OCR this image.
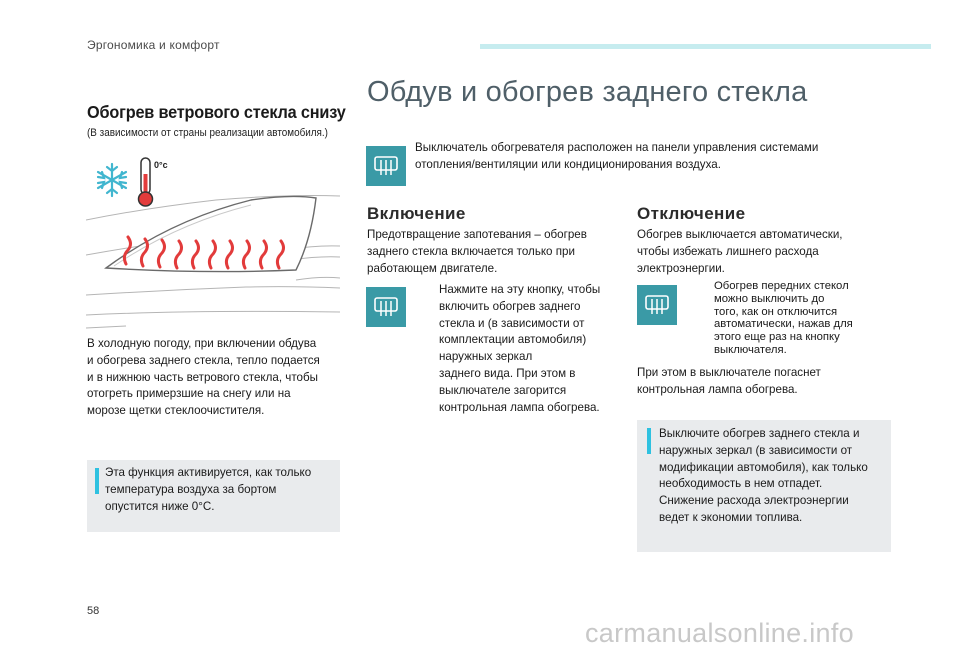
Эргономика и комфорт
Обогрев ветрового стекла снизу
(В зависимости от страны реализации автомобиля.)
0°c
В холодную погоду, при включении обдува
и обогрева заднего стекла, тепло подается
и в нижнюю часть ветрового стекла, чтобы
отогреть примерзшие на снегу или на
морозе щетки стеклоочистителя.
Эта функция активируется, как только
температура воздуха за бортом
опустится ниже 0°C.
Обдув и обогрев заднего стекла
Выключатель обогревателя расположен на панели управления системами
отопления/вентиляции или кондиционирования воздуха.
Включение
Предотвращение запотевания – обогрев
заднего стекла включается только при
работающем двигателе.
Нажмите на эту кнопку, чтобы
включить обогрев заднего
стекла и (в зависимости от
комплектации автомобиля)
наружных зеркал
заднего вида. При этом в
выключателе загорится
контрольная лампа обогрева.
Отключение
Обогрев выключается автоматически,
чтобы избежать лишнего расхода
электроэнергии.
Обогрев передних стекол
можно выключить до
того, как он отключится
автоматически, нажав для
этого еще раз на кнопку
выключателя.
При этом в выключателе погаснет
контрольная лампа обогрева.
Выключите обогрев заднего стекла и
наружных зеркал (в зависимости от
модификации автомобиля), как только
необходимость в нем отпадет.
Снижение расхода электроэнергии
ведет к экономии топлива.
58
carmanualsonline.info
